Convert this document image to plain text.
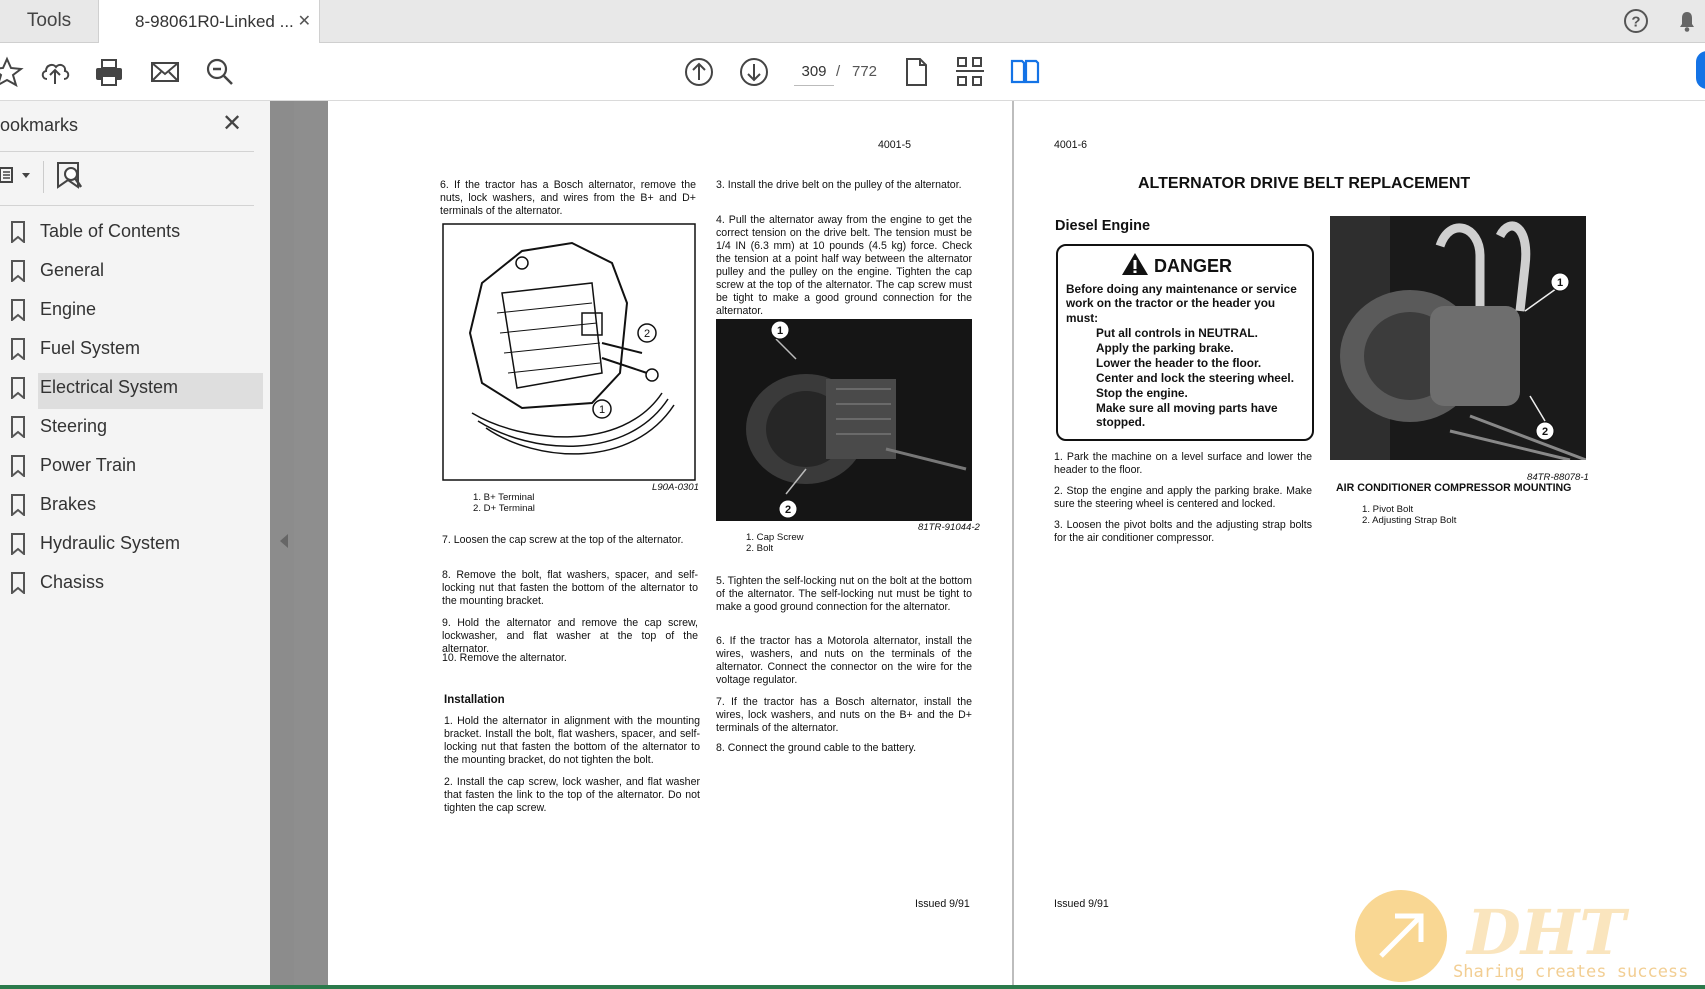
Tools	8-98061R0-Linked ... ✕	?
309 / 772
ookmarks	✕
Table of Contents
General
Engine
Fuel System
Electrical System
Steering
Power Train
Brakes
Hydraulic System
Chasiss
4001-5
6. If the tractor has a Bosch alternator, remove the nuts, lock washers, and wires from the B+ and D+ terminals of the alternator.
2
1
L90A-0301
1. B+ Terminal
2. D+ Terminal
7. Loosen the cap screw at the top of the alternator.
8. Remove the bolt, flat washers, spacer, and self-locking nut that fasten the bottom of the alternator to the mounting bracket.
9. Hold the alternator and remove the cap screw, lockwasher, and flat washer at the top of the alternator.
10. Remove the alternator.
Installation
1. Hold the alternator in alignment with the mounting bracket. Install the bolt, flat washers, spacer, and self-locking nut that fasten the bottom of the alternator to the mounting bracket, do not tighten the bolt.
2. Install the cap screw, lock washer, and flat washer that fasten the link to the top of the alternator. Do not tighten the cap screw.
3. Install the drive belt on the pulley of the alternator.
4. Pull the alternator away from the engine to get the correct tension on the drive belt. The tension must be 1/4 IN (6.3 mm) at 10 pounds (4.5 kg) force. Check the tension at a point half way between the alternator pulley and the pulley on the engine. Tighten the cap screw at the top of the alternator. The cap screw must be tight to make a good ground connection for the alternator.
1
2
81TR-91044-2
1. Cap Screw
2. Bolt
5. Tighten the self-locking nut on the bolt at the bottom of the alternator. The self-locking nut must be tight to make a good ground connection for the alternator.
6. If the tractor has a Motorola alternator, install the wires, washers, and nuts on the terminals of the alternator. Connect the connector on the wire for the voltage regulator.
7. If the tractor has a Bosch alternator, install the wires, lock washers, and nuts on the B+ and the D+ terminals of the alternator.
8. Connect the ground cable to the battery.
Issued 9/91
4001-6
ALTERNATOR DRIVE BELT REPLACEMENT
Diesel Engine
DANGER
Before doing any maintenance or service work on the tractor or the header you must:
Put all controls in NEUTRAL.
Apply the parking brake.
Lower the header to the floor.
Center and lock the steering wheel.
Stop the engine.
Make sure all moving parts have stopped.
1. Park the machine on a level surface and lower the header to the floor.
2. Stop the engine and apply the parking brake. Make sure the steering wheel is centered and locked.
3. Loosen the pivot bolts and the adjusting strap bolts for the air conditioner compressor.
1
2
84TR-88078-1
AIR CONDITIONER COMPRESSOR MOUNTING
1. Pivot Bolt
2. Adjusting Strap Bolt
Issued 9/91	DHT
Sharing creates success
